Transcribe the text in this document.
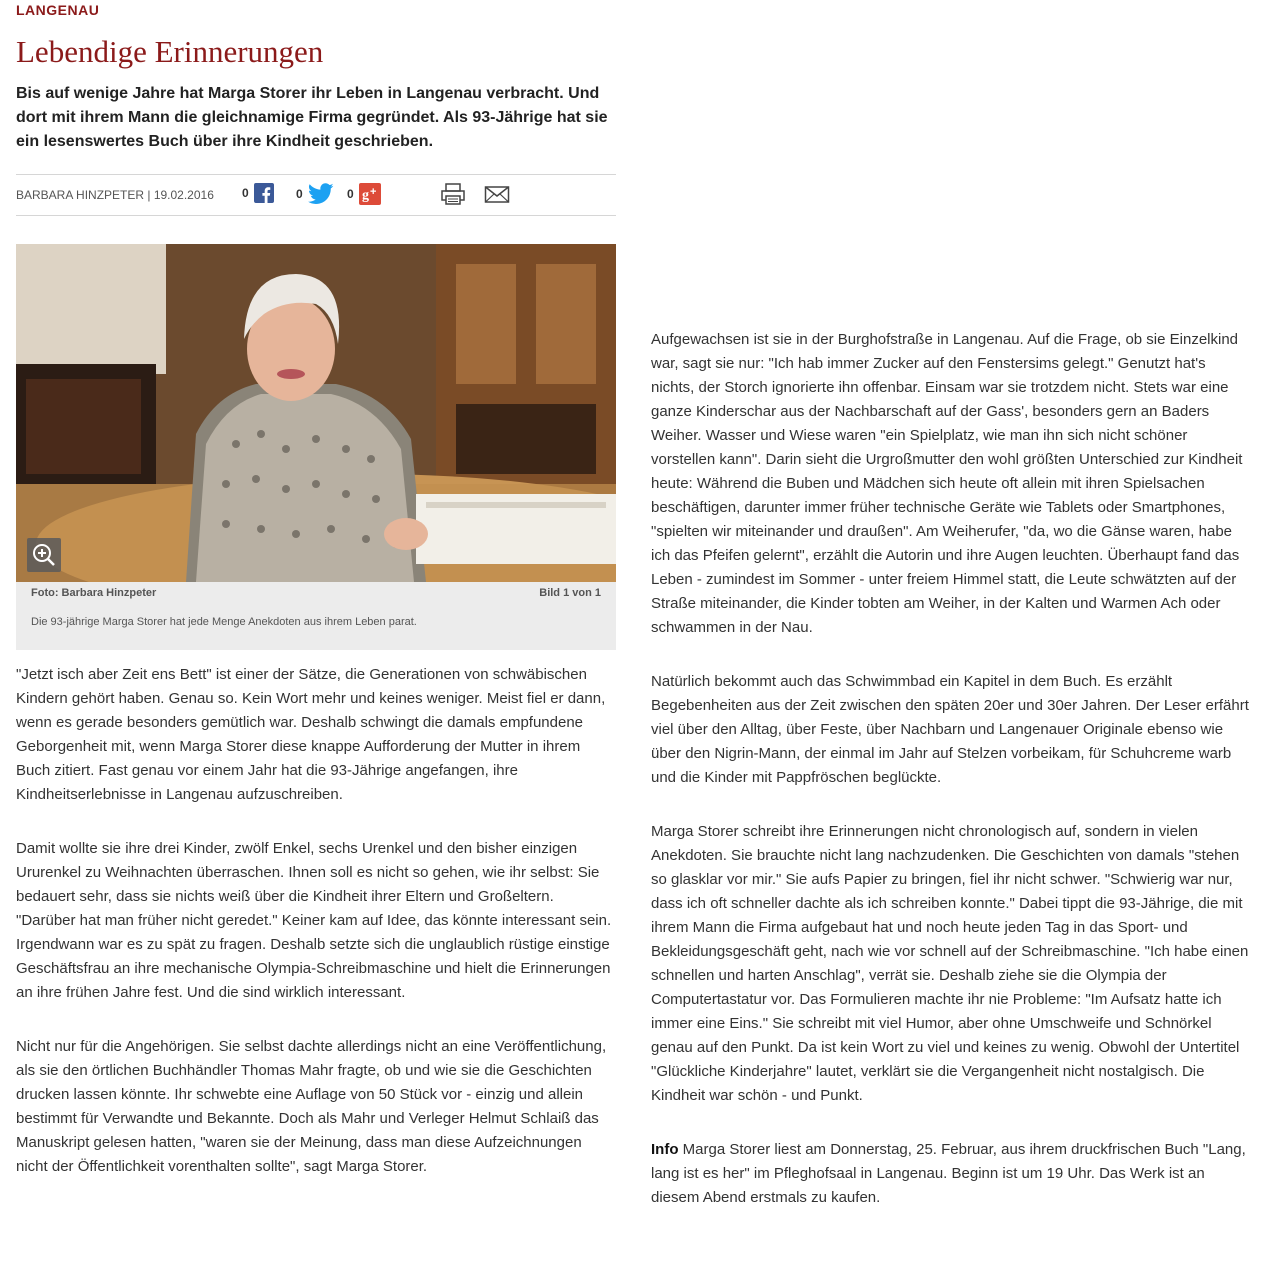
LANGENAU
Lebendige Erinnerungen
Bis auf wenige Jahre hat Marga Storer ihr Leben in Langenau verbracht. Und dort mit ihrem Mann die gleichnamige Firma gegründet. Als 93-Jährige hat sie ein lesenswertes Buch über ihre Kindheit geschrieben.
BARBARA HINZPETER | 19.02.2016 0	0	0 g +
Foto: Barbara Hinzpeter	Bild 1 von 1
Die 93-jährige Marga Storer hat jede Menge Anekdoten aus ihrem Leben parat.

"Jetzt isch aber Zeit ens Bett" ist einer der Sätze, die Generationen von schwäbischen Kindern gehört haben. Genau so. Kein Wort mehr und keines weniger. Meist fiel er dann, wenn es gerade besonders gemütlich war. Deshalb schwingt die damals empfundene Geborgenheit mit, wenn Marga Storer diese knappe Aufforderung der Mutter in ihrem Buch zitiert. Fast genau vor einem Jahr hat die 93-Jährige angefangen, ihre Kindheitserlebnisse in Langenau aufzuschreiben.

Damit wollte sie ihre drei Kinder, zwölf Enkel, sechs Urenkel und den bisher einzigen Ururenkel zu Weihnachten überraschen. Ihnen soll es nicht so gehen, wie ihr selbst: Sie bedauert sehr, dass sie nichts weiß über die Kindheit ihrer Eltern und Großeltern. "Darüber hat man früher nicht geredet." Keiner kam auf Idee, das könnte interessant sein. Irgendwann war es zu spät zu fragen. Deshalb setzte sich die unglaublich rüstige einstige Geschäftsfrau an ihre mechanische Olympia-Schreibmaschine und hielt die Erinnerungen an ihre frühen Jahre fest. Und die sind wirklich interessant.

Nicht nur für die Angehörigen. Sie selbst dachte allerdings nicht an eine Veröffentlichung, als sie den örtlichen Buchhändler Thomas Mahr fragte, ob und wie sie die Geschichten drucken lassen könnte. Ihr schwebte eine Auflage von 50 Stück vor - einzig und allein bestimmt für Verwandte und Bekannte. Doch als Mahr und Verleger Helmut Schlaiß das Manuskript gelesen hatten, "waren sie der Meinung, dass man diese Aufzeichnungen nicht der Öffentlichkeit vorenthalten sollte", sagt Marga Storer.

Aufgewachsen ist sie in der Burghofstraße in Langenau. Auf die Frage, ob sie Einzelkind war, sagt sie nur: "Ich hab immer Zucker auf den Fenstersims gelegt." Genutzt hat's nichts, der Storch ignorierte ihn offenbar. Einsam war sie trotzdem nicht. Stets war eine ganze Kinderschar aus der Nachbarschaft auf der Gass', besonders gern an Baders Weiher. Wasser und Wiese waren "ein Spielplatz, wie man ihn sich nicht schöner vorstellen kann". Darin sieht die Urgroßmutter den wohl größten Unterschied zur Kindheit heute: Während die Buben und Mädchen sich heute oft allein mit ihren Spielsachen beschäftigen, darunter immer früher technische Geräte wie Tablets oder Smartphones, "spielten wir miteinander und draußen". Am Weiherufer, "da, wo die Gänse waren, habe ich das Pfeifen gelernt", erzählt die Autorin und ihre Augen leuchten. Überhaupt fand das Leben - zumindest im Sommer - unter freiem Himmel statt, die Leute schwätzten auf der Straße miteinander, die Kinder tobten am Weiher, in der Kalten und Warmen Ach oder schwammen in der Nau.

Natürlich bekommt auch das Schwimmbad ein Kapitel in dem Buch. Es erzählt Begebenheiten aus der Zeit zwischen den späten 20er und 30er Jahren. Der Leser erfährt viel über den Alltag, über Feste, über Nachbarn und Langenauer Originale ebenso wie über den Nigrin-Mann, der einmal im Jahr auf Stelzen vorbeikam, für Schuhcreme warb und die Kinder mit Pappfröschen beglückte.

Marga Storer schreibt ihre Erinnerungen nicht chronologisch auf, sondern in vielen Anekdoten. Sie brauchte nicht lang nachzudenken. Die Geschichten von damals "stehen so glasklar vor mir." Sie aufs Papier zu bringen, fiel ihr nicht schwer. "Schwierig war nur, dass ich oft schneller dachte als ich schreiben konnte." Dabei tippt die 93-Jährige, die mit ihrem Mann die Firma aufgebaut hat und noch heute jeden Tag in das Sport- und Bekleidungsgeschäft geht, nach wie vor schnell auf der Schreibmaschine. "Ich habe einen schnellen und harten Anschlag", verrät sie. Deshalb ziehe sie die Olympia der Computertastatur vor. Das Formulieren machte ihr nie Probleme: "Im Aufsatz hatte ich immer eine Eins." Sie schreibt mit viel Humor, aber ohne Umschweife und Schnörkel genau auf den Punkt. Da ist kein Wort zu viel und keines zu wenig. Obwohl der Untertitel "Glückliche Kinderjahre" lautet, verklärt sie die Vergangenheit nicht nostalgisch. Die Kindheit war schön - und Punkt.

Info Marga Storer liest am Donnerstag, 25. Februar, aus ihrem druckfrischen Buch "Lang, lang ist es her" im Pfleghofsaal in Langenau. Beginn ist um 19 Uhr. Das Werk ist an diesem Abend erstmals zu kaufen.
